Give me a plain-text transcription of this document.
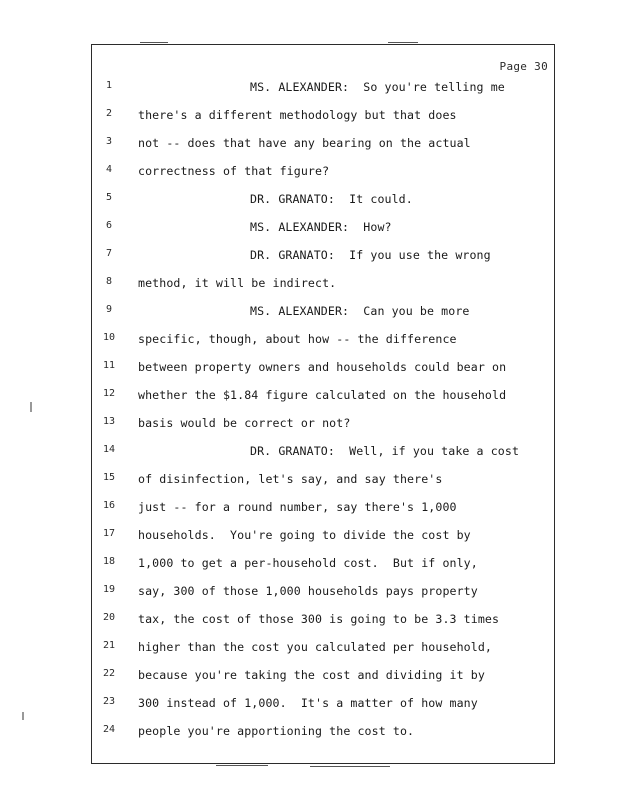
Page 30
1	MS. ALEXANDER:  So you're telling me
2	there's a different methodology but that does
3	not -- does that have any bearing on the actual
4	correctness of that figure?
5	DR. GRANATO:  It could.
6	MS. ALEXANDER:  How?
7	DR. GRANATO:  If you use the wrong
8	method, it will be indirect.
9	MS. ALEXANDER:  Can you be more
10 specific, though, about how -- the difference
11 between property owners and households could bear on
12 whether the $1.84 figure calculated on the household
13 basis would be correct or not?
14	DR. GRANATO:  Well, if you take a cost
15 of disinfection, let's say, and say there's
16 just -- for a round number, say there's 1,000
17 households.  You're going to divide the cost by
18 1,000 to get a per-household cost.  But if only,
19 say, 300 of those 1,000 households pays property
20 tax, the cost of those 300 is going to be 3.3 times
21 higher than the cost you calculated per household,
22 because you're taking the cost and dividing it by
23 300 instead of 1,000.  It's a matter of how many
24 people you're apportioning the cost to.
